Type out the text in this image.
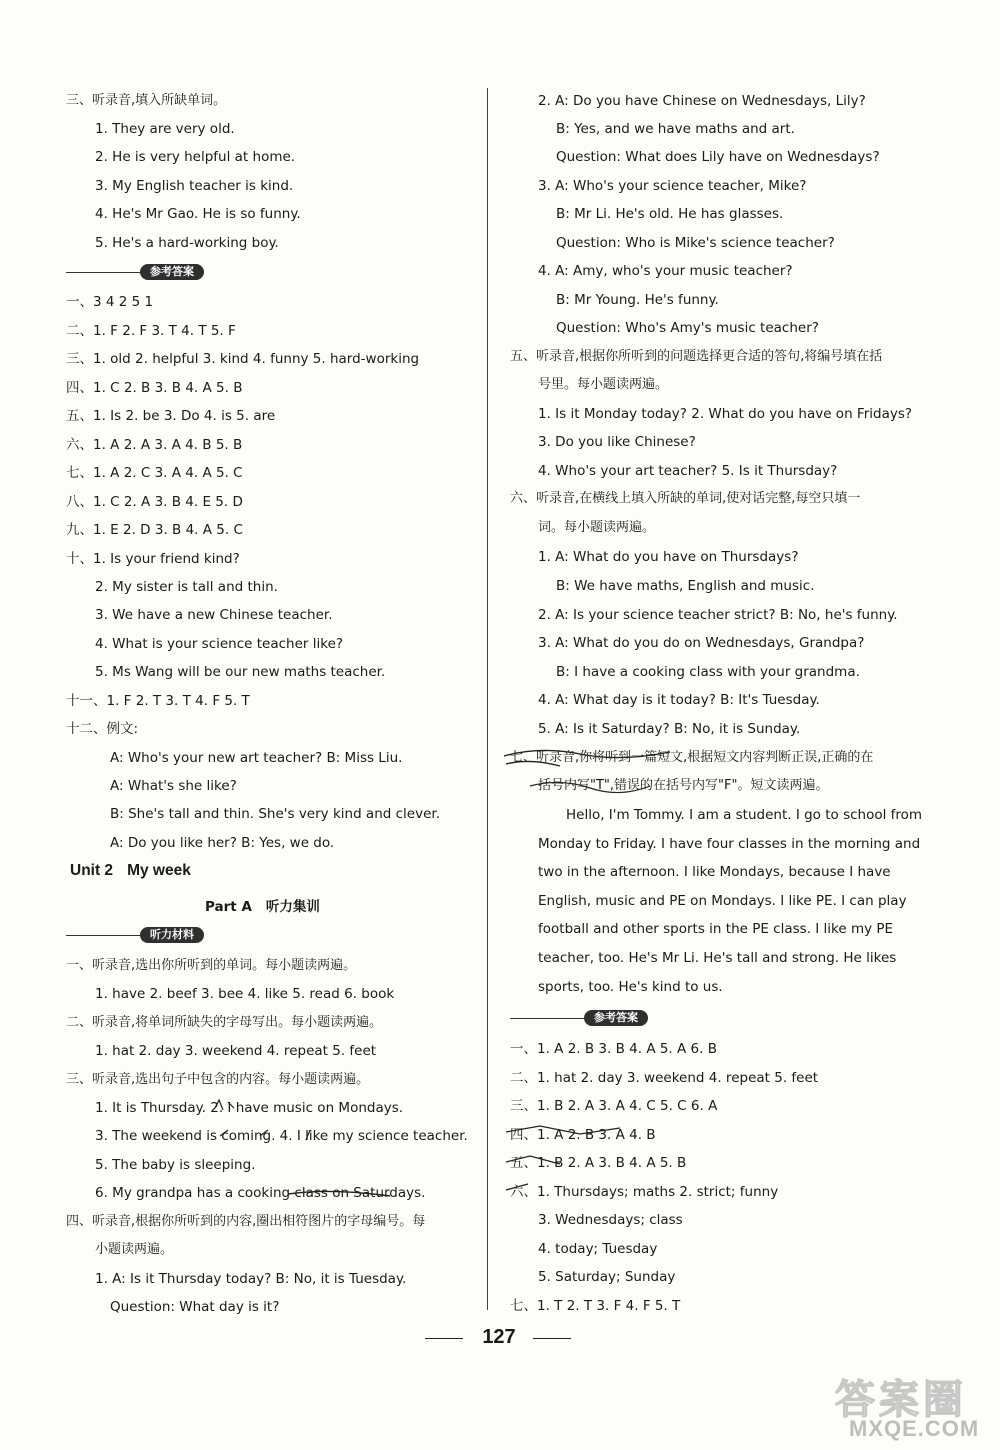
三、听录音,填入所缺单词。
1. They are very old.
2. He is very helpful at home.
3. My English teacher is kind.
4. He's Mr Gao. He is so funny.
5. He's a hard-working boy.
参考答案
一、3 4 2 5 1
二、1. F 2. F 3. T 4. T 5. F
三、1. old 2. helpful 3. kind 4. funny 5. hard-working
四、1. C 2. B 3. B 4. A 5. B
五、1. Is 2. be 3. Do 4. is 5. are
六、1. A 2. A 3. A 4. B 5. B
七、1. A 2. C 3. A 4. A 5. C
八、1. C 2. A 3. B 4. E 5. D
九、1. E 2. D 3. B 4. A 5. C
十、1. Is your friend kind?
2. My sister is tall and thin.
3. We have a new Chinese teacher.
4. What is your science teacher like?
5. Ms Wang will be our new maths teacher.
十一、1. F 2. T 3. T 4. F 5. T
十二、例文:
A: Who's your new art teacher? B: Miss Liu.
A: What's she like?
B: She's tall and thin. She's very kind and clever.
A: Do you like her? B: Yes, we do.
Unit 2 My week
Part A 听力集训
听力材料
一、听录音,选出你所听到的单词。每小题读两遍。
1. have 2. beef 3. bee 4. like 5. read 6. book
二、听录音,将单词所缺失的字母写出。每小题读两遍。
1. hat 2. day 3. weekend 4. repeat 5. feet
三、听录音,选出句子中包含的内容。每小题读两遍。
1. It is Thursday. 2. I have music on Mondays.
3. The weekend is coming. 4. I like my science teacher.
5. The baby is sleeping.
6. My grandpa has a cooking class on Saturdays.
四、听录音,根据你所听到的内容,圈出相符图片的字母编号。每
小题读两遍。
1. A: Is it Thursday today? B: No, it is Tuesday.
Question: What day is it?
2. A: Do you have Chinese on Wednesdays, Lily?
B: Yes, and we have maths and art.
Question: What does Lily have on Wednesdays?
3. A: Who's your science teacher, Mike?
B: Mr Li. He's old. He has glasses.
Question: Who is Mike's science teacher?
4. A: Amy, who's your music teacher?
B: Mr Young. He's funny.
Question: Who's Amy's music teacher?
五、听录音,根据你所听到的问题选择更合适的答句,将编号填在括
号里。每小题读两遍。
1. Is it Monday today? 2. What do you have on Fridays?
3. Do you like Chinese?
4. Who's your art teacher? 5. Is it Thursday?
六、听录音,在横线上填入所缺的单词,使对话完整,每空只填一
词。每小题读两遍。
1. A: What do you have on Thursdays?
B: We have maths, English and music.
2. A: Is your science teacher strict? B: No, he's funny.
3. A: What do you do on Wednesdays, Grandpa?
B: I have a cooking class with your grandma.
4. A: What day is it today? B: It's Tuesday.
5. A: Is it Saturday? B: No, it is Sunday.
七、听录音,你将听到一篇短文,根据短文内容判断正误,正确的在
括号内写"T",错误的在括号内写"F"。短文读两遍。
Hello, I'm Tommy. I am a student. I go to school from
Monday to Friday. I have four classes in the morning and
two in the afternoon. I like Mondays, because I have
English, music and PE on Mondays. I like PE. I can play
football and other sports in the PE class. I like my PE
teacher, too. He's Mr Li. He's tall and strong. He likes
sports, too. He's kind to us.
参考答案
一、1. A 2. B 3. B 4. A 5. A 6. B
二、1. hat 2. day 3. weekend 4. repeat 5. feet
三、1. B 2. A 3. A 4. C 5. C 6. A
四、1. A 2. B 3. A 4. B
五、1. B 2. A 3. B 4. A 5. B
六、1. Thursdays; maths 2. strict; funny
3. Wednesdays; class
4. today; Tuesday
5. Saturday; Sunday
七、1. T 2. T 3. F 4. F 5. T
127
答案圈
MXQE.COM
